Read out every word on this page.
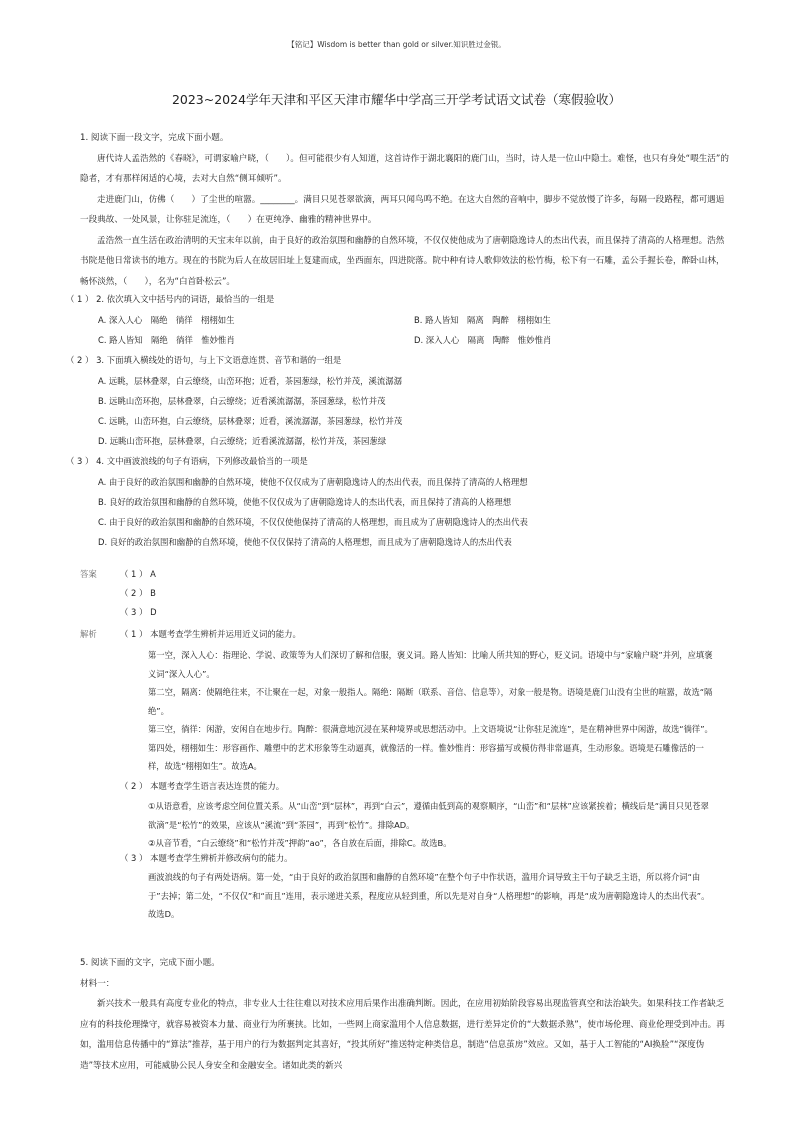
【铭记】Wisdom is better than gold or silver.知识胜过金银。
2023~2024学年天津和平区天津市耀华中学高三开学考试语文试卷（寒假验收）

1. 阅读下面一段文字，完成下面小题。

唐代诗人孟浩然的《春晓》，可谓家喻户晓，（　　）。但可能很少有人知道，这首诗作于湖北襄阳的鹿门山，当时，诗人是一位山中隐士。难怪，也只有身处“喂生活”的隐者，才有那样闲适的心境，去对大自然“侧耳倾听”。

走进鹿门山，仿佛（　　）了尘世的喧嚣。________。满目只见苍翠欲滴，两耳只闻鸟鸣不绝。在这大自然的音响中，脚步不觉放慢了许多，每隔一段路程，都可遇逅一段典故、一处风景，让你驻足流连，（　　）在更纯净、幽雅的精神世界中。

孟浩然一直生活在政治清明的天宝末年以前，由于良好的政治氛围和幽静的自然环境，不仅仅使他成为了唐朝隐逸诗人的杰出代表，而且保持了清高的人格理想。浩然书院是他日常读书的地方。现在的书院为后人在故居旧址上复建而成，坐西面东，四进院落。院中种有诗人歌仰效法的松竹梅，松下有一石雕，孟公手握长卷，醉卧山林，畅怀淡然，（　　），名为“白首卧松云”。

（ 1 ） 2. 依次填入文中括号内的词语，最恰当的一组是
A. 深入人心　隔绝　徜徉　栩栩如生	B. 路人皆知　隔离　陶醉　栩栩如生
C. 路人皆知　隔绝　徜徉　惟妙惟肖	D. 深入人心　隔离　陶醉　惟妙惟肖
（ 2 ） 3. 下面填入横线处的语句，与上下文语意连贯、音节和谐的一组是
A. 远眺，层林叠翠，白云缭绕，山峦环抱；近看，茶园葱绿，松竹并茂，溪流潺潺
B. 远眺山峦环抱，层林叠翠，白云缭绕；近看溪流潺潺，茶园葱绿，松竹并茂
C. 远眺，山峦环抱，白云缭绕，层林叠翠；近看，溪流潺潺，茶园葱绿，松竹并茂
D. 远眺山峦环抱，层林叠翠，白云缭绕；近看溪流潺潺，松竹并茂，茶园葱绿
（ 3 ） 4. 文中画波浪线的句子有语病，下列修改最恰当的一项是
A. 由于良好的政治氛围和幽静的自然环境，使他不仅仅成为了唐朝隐逸诗人的杰出代表，而且保持了清高的人格理想
B. 良好的政治氛围和幽静的自然环境，使他不仅仅成为了唐朝隐逸诗人的杰出代表，而且保持了清高的人格理想
C. 由于良好的政治氛围和幽静的自然环境，不仅仅使他保持了清高的人格理想，而且成为了唐朝隐逸诗人的杰出代表
D. 良好的政治氛围和幽静的自然环境，使他不仅仅保持了清高的人格理想，而且成为了唐朝隐逸诗人的杰出代表
答案	（ 1 ） A
（ 2 ） B
（ 3 ） D
解析	（ 1 ） 本题考查学生辨析并运用近义词的能力。

第一空，深入人心：指理论、学说、政策等为人们深切了解和信服，褒义词。路人皆知：比喻人所共知的野心，贬义词。语境中与“家喻户晓”并列，应填褒义词“深入人心”。

第二空，隔离：使隔绝往来，不让聚在一起，对象一般指人。隔绝：隔断（联系、音信、信息等），对象一般是物。语境是鹿门山没有尘世的喧嚣，故选“隔绝”。

第三空，徜徉：闲游，安闲自在地步行。陶醉：很满意地沉浸在某种境界或思想活动中。上文语境说“让你驻足流连”，是在精神世界中闲游，故选“徜徉”。

第四处，栩栩如生：形容画作、雕塑中的艺术形象等生动逼真，就像活的一样。惟妙惟肖：形容描写或模仿得非常逼真，生动形象。语境是石雕像活的一样，故选“栩栩如生”。故选A。

（ 2 ） 本题考查学生语言表达连贯的能力。

①从语意看，应该考虑空间位置关系。从“山峦”到“层林”，再到“白云”，遵循由低到高的观察顺序，“山峦”和“层林”应该紧挨着；横线后是“满目只见苍翠欲滴”是“松竹”的效果，应该从“溪流”到“茶园”，再到“松竹”。排除AD。

②从音节看，“白云缭绕”和“松竹并茂”押韵“ao”，各自放在后面，排除C。故选B。

（ 3 ） 本题考查学生辨析并修改病句的能力。

画波浪线的句子有两处语病。第一处，“由于良好的政治氛围和幽静的自然环境”在整个句子中作状语，滥用介词导致主干句子缺乏主语，所以将介词“由于”去掉；第二处，“不仅仅”和“而且”连用，表示递进关系，程度应从轻到重，所以先是对自身“人格理想”的影响，再是“成为唐朝隐逸诗人的杰出代表”。故选D。

5. 阅读下面的文字，完成下面小题。

材料一：

新兴技术一般具有高度专业化的特点，非专业人士往往难以对技术应用后果作出准确判断。因此，在应用初始阶段容易出现监管真空和法治缺失。如果科技工作者缺乏应有的科技伦理操守，就容易被资本力量、商业行为所裹挟。比如，一些网上商家滥用个人信息数据，进行差异定价的“大数据杀熟”，使市场伦理、商业伦理受到冲击。再如，滥用信息传播中的“算法”推荐，基于用户的行为数据判定其喜好，“投其所好”推送特定种类信息，制造“信息茧房”效应。又如，基于人工智能的“AI换脸”“深度伪造”等技术应用，可能威胁公民人身安全和金融安全。诸如此类的新兴
